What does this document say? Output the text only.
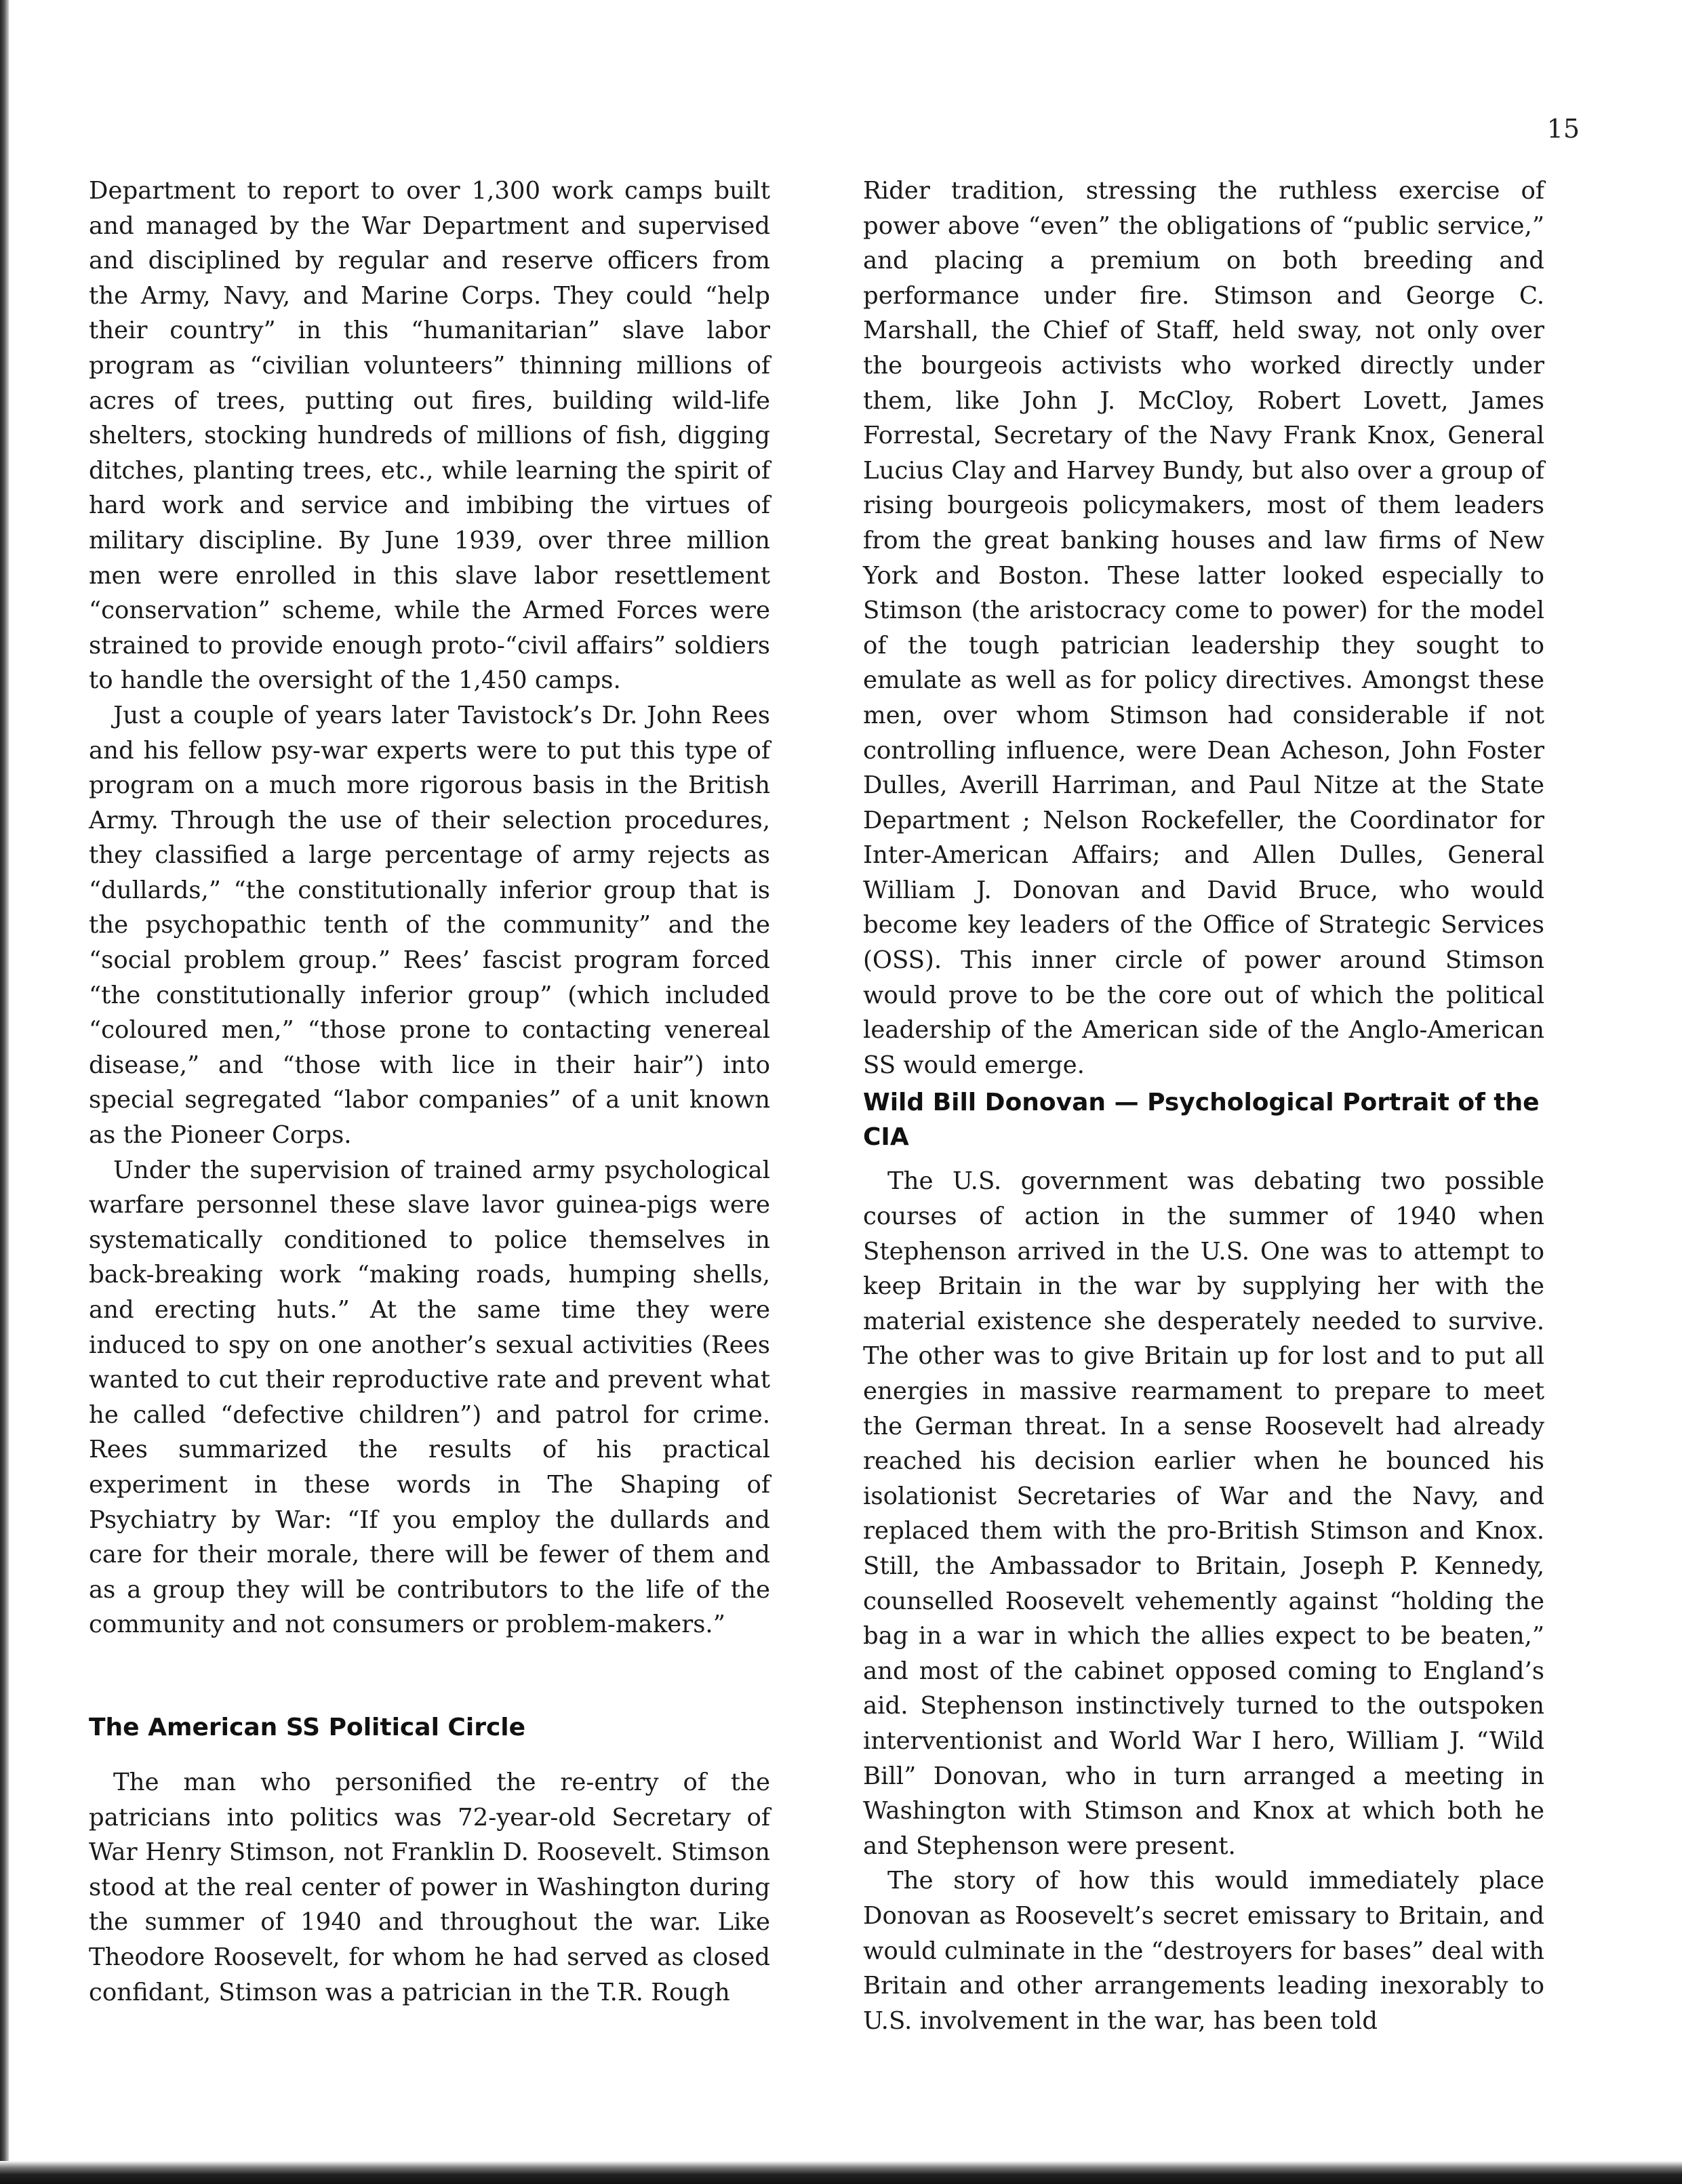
15

Department to report to over 1,300 work camps built and managed by the War Department and supervised and disciplined by regular and reserve officers from the Army, Navy, and Marine Corps. They could “help their country” in this “humanitarian” slave labor program as “civilian volunteers” thinning millions of acres of trees, putting out fires, building wild-life shelters, stocking hundreds of millions of fish, digging ditches, planting trees, etc., while learning the spirit of hard work and service and imbibing the virtues of military discipline. By June 1939, over three million men were enrolled in this slave labor resettlement “conservation” scheme, while the Armed Forces were strained to provide enough proto-“civil affairs” soldiers to handle the oversight of the 1,450 camps.

Just a couple of years later Tavistock’s Dr. John Rees and his fellow psy-war experts were to put this type of program on a much more rigorous basis in the British Army. Through the use of their selection procedures, they classified a large percentage of army rejects as “dullards,” “the constitutionally inferior group that is the psychopathic tenth of the community” and the “social problem group.” Rees’ fascist program forced “the constitutionally inferior group” (which included “coloured men,” “those prone to contacting venereal disease,” and “those with lice in their hair”) into special segregated “labor companies” of a unit known as the Pioneer Corps.

Under the supervision of trained army psychological warfare personnel these slave lavor guinea-pigs were systematically conditioned to police themselves in back-breaking work “making roads, humping shells, and erecting huts.” At the same time they were induced to spy on one another’s sexual activities (Rees wanted to cut their reproductive rate and prevent what he called “defective children”) and patrol for crime. Rees summarized the results of his practical experiment in these words in The Shaping of Psychiatry by War: “If you employ the dullards and care for their morale, there will be fewer of them and as a group they will be contributors to the life of the community and not consumers or problem-makers.”

The American SS Political Circle

The man who personified the re-entry of the patricians into politics was 72-year-old Secretary of War Henry Stimson, not Franklin D. Roosevelt. Stimson stood at the real center of power in Washington during the summer of 1940 and throughout the war. Like Theodore Roosevelt, for whom he had served as closed confidant, Stimson was a patrician in the T.R. Rough

Rider tradition, stressing the ruthless exercise of power above “even” the obligations of “public service,” and placing a premium on both breeding and performance under fire. Stimson and George C. Marshall, the Chief of Staff, held sway, not only over the bourgeois activists who worked directly under them, like John J. McCloy, Robert Lovett, James Forrestal, Secretary of the Navy Frank Knox, General Lucius Clay and Harvey Bundy, but also over a group of rising bourgeois policymakers, most of them leaders from the great banking houses and law firms of New York and Boston. These latter looked especially to Stimson (the aristocracy come to power) for the model of the tough patrician leadership they sought to emulate as well as for policy directives. Amongst these men, over whom Stimson had considerable if not controlling influence, were Dean Acheson, John Foster Dulles, Averill Harriman, and Paul Nitze at the State Department ; Nelson Rockefeller, the Coordinator for Inter-American Affairs; and Allen Dulles, General William J. Donovan and David Bruce, who would become key leaders of the Office of Strategic Services (OSS). This inner circle of power around Stimson would prove to be the core out of which the political leadership of the American side of the Anglo-American SS would emerge.

Wild Bill Donovan — Psychological Portrait of the CIA

The U.S. government was debating two possible courses of action in the summer of 1940 when Stephenson arrived in the U.S. One was to attempt to keep Britain in the war by supplying her with the material existence she desperately needed to survive. The other was to give Britain up for lost and to put all energies in massive rearmament to prepare to meet the German threat. In a sense Roosevelt had already reached his decision earlier when he bounced his isolationist Secretaries of War and the Navy, and replaced them with the pro-British Stimson and Knox. Still, the Ambassador to Britain, Joseph P. Kennedy, counselled Roosevelt vehemently against “holding the bag in a war in which the allies expect to be beaten,” and most of the cabinet opposed coming to England’s aid. Stephenson instinctively turned to the outspoken interventionist and World War I hero, William J. “Wild Bill” Donovan, who in turn arranged a meeting in Washington with Stimson and Knox at which both he and Stephenson were present.

The story of how this would immediately place Donovan as Roosevelt’s secret emissary to Britain, and would culminate in the “destroyers for bases” deal with Britain and other arrangements leading inexorably to U.S. involvement in the war, has been told
